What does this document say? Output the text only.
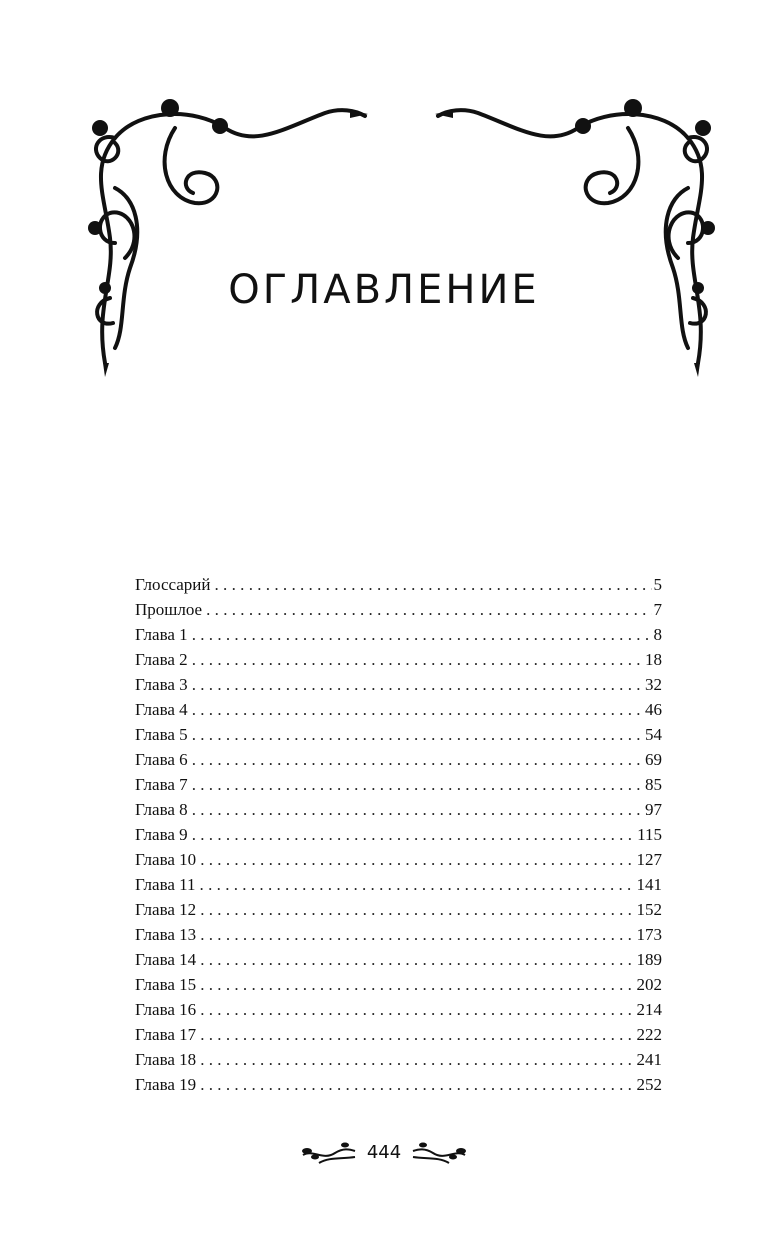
ОГЛАВЛЕНИЕ
Глоссарий .....	5
Прошлое .....	7
Глава 1 .....	8
Глава 2 .....	18
Глава 3 .....	32
Глава 4 .....	46
Глава 5 .....	54
Глава 6 .....	69
Глава 7 .....	85
Глава 8 .....	97
Глава 9 .....	115
Глава 10 .....	127
Глава 11 .....	141
Глава 12 .....	152
Глава 13 .....	173
Глава 14 .....	189
Глава 15 .....	202
Глава 16 .....	214
Глава 17 .....	222
Глава 18 .....	241
Глава 19 .....	252
444
